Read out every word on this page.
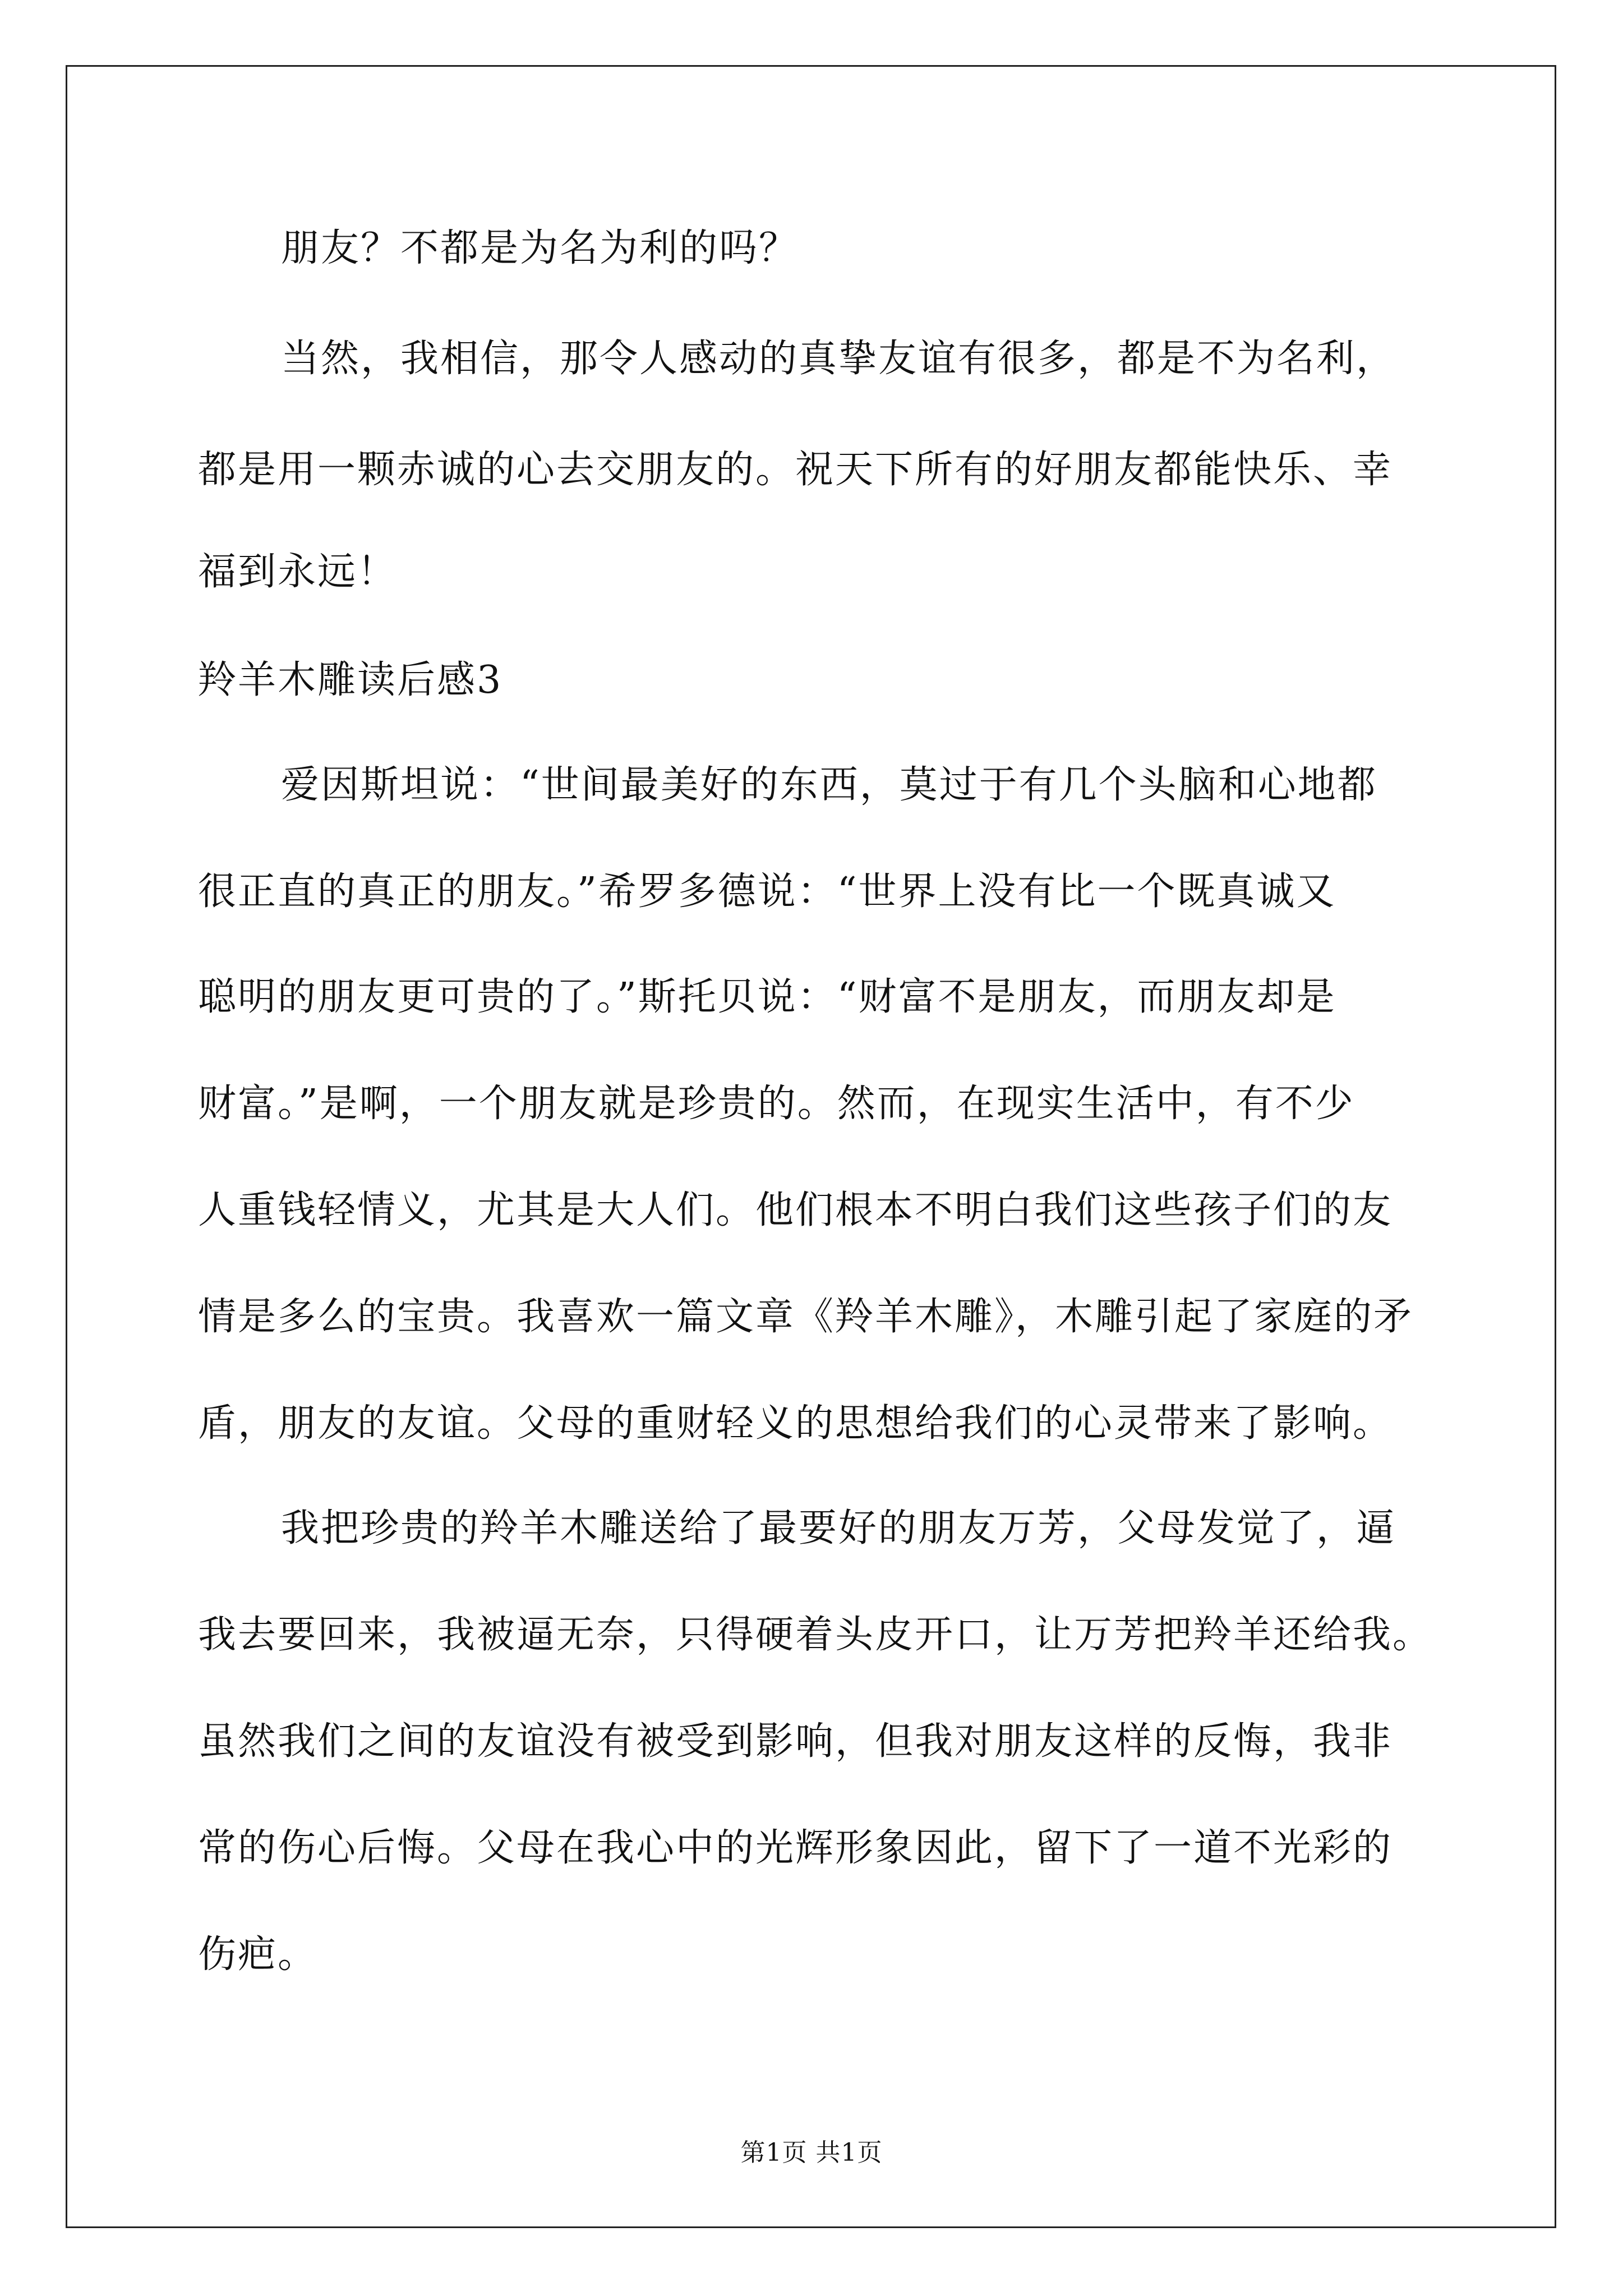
朋友？不都是为名为利的吗？
当然，我相信，那令人感动的真挚友谊有很多，都是不为名利，
都是用一颗赤诚的心去交朋友的。祝天下所有的好朋友都能快乐、幸
福到永远！
羚羊木雕读后感3
爱因斯坦说：“世间最美好的东西，莫过于有几个头脑和心地都
很正直的真正的朋友。”希罗多德说：“世界上没有比一个既真诚又
聪明的朋友更可贵的了。”斯托贝说：“财富不是朋友，而朋友却是
财富。”是啊，一个朋友就是珍贵的。然而，在现实生活中，有不少
人重钱轻情义，尤其是大人们。他们根本不明白我们这些孩子们的友
情是多么的宝贵。我喜欢一篇文章《羚羊木雕》，木雕引起了家庭的矛
盾，朋友的友谊。父母的重财轻义的思想给我们的心灵带来了影响。
我把珍贵的羚羊木雕送给了最要好的朋友万芳，父母发觉了，逼
我去要回来，我被逼无奈，只得硬着头皮开口，让万芳把羚羊还给我。
虽然我们之间的友谊没有被受到影响，但我对朋友这样的反悔，我非
常的伤心后悔。父母在我心中的光辉形象因此，留下了一道不光彩的
伤疤。
第1页 共1页
